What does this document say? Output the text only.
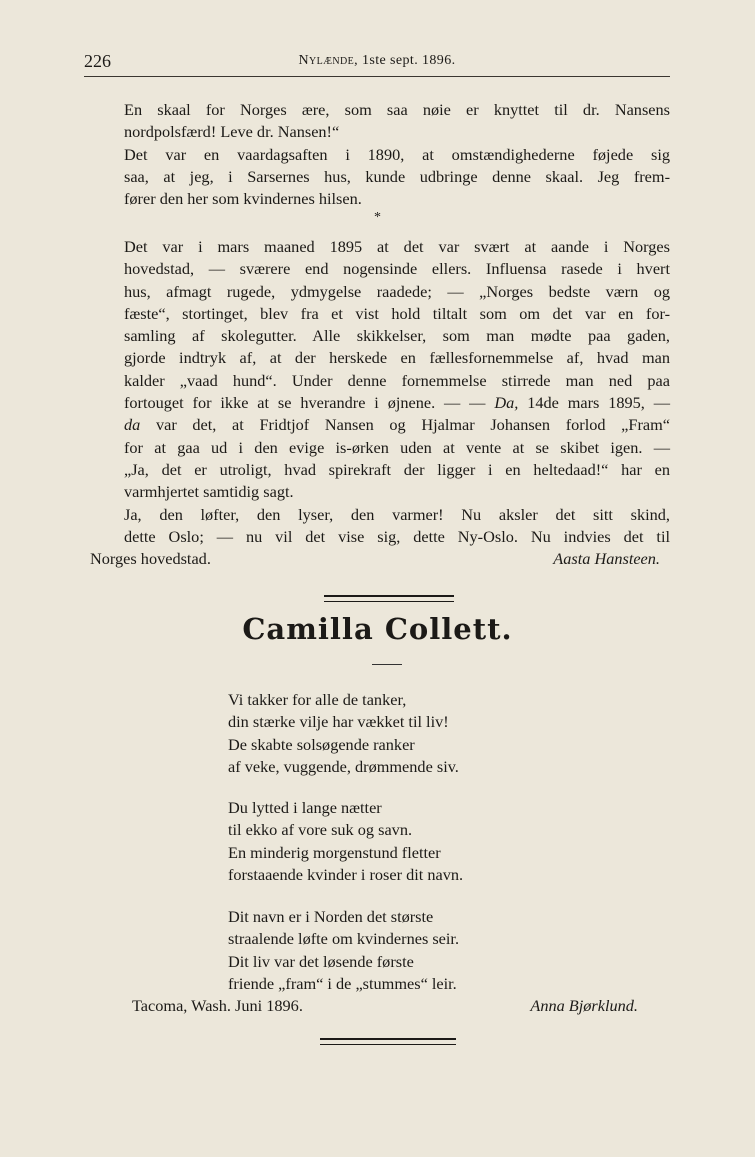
226	Nylænde, 1ste sept. 1896.

En skaal for Norges ære, som saa nøie er knyttet til dr. Nansens
nordpolsfærd! Leve dr. Nansen!“

Det var en vaardagsaften i 1890, at omstændighederne føjede sig
saa, at jeg, i Sarsernes hus, kunde udbringe denne skaal. Jeg frem-
fører den her som kvindernes hilsen.

*

Det var i mars maaned 1895 at det var svært at aande i Norges
hovedstad, — sværere end nogensinde ellers. Influensa rasede i hvert
hus, afmagt rugede, ydmygelse raadede; — „Norges bedste værn og
fæste“, stortinget, blev fra et vist hold tiltalt som om det var en for-
samling af skolegutter. Alle skikkelser, som man mødte paa gaden,
gjorde indtryk af, at der herskede en fællesfornemmelse af, hvad man
kalder „vaad hund“. Under denne fornemmelse stirrede man ned paa
fortouget for ikke at se hverandre i øjnene. — — Da, 14de mars 1895, —
da var det, at Fridtjof Nansen og Hjalmar Johansen forlod „Fram“
for at gaa ud i den evige is-ørken uden at vente at se skibet igen. —
„Ja, det er utroligt, hvad spirekraft der ligger i en heltedaad!“ har en
varmhjertet samtidig sagt.

Ja, den løfter, den lyser, den varmer! Nu aksler det sitt skind,
dette Oslo; — nu vil det vise sig, dette Ny-Oslo. Nu indvies det til

Norges hovedstad.	Aasta Hansteen.
Camilla Collett.
Vi takker for alle de tanker,
din stærke vilje har vækket til liv!
De skabte solsøgende ranker
af veke, vuggende, drømmende siv.
Du lytted i lange nætter
til ekko af vore suk og savn.
En minderig morgenstund fletter
forstaaende kvinder i roser dit navn.
Dit navn er i Norden det største
straalende løfte om kvindernes seir.
Dit liv var det løsende første
friende „fram“ i de „stummes“ leir.
Tacoma, Wash. Juni 1896.	Anna Bjørklund.
